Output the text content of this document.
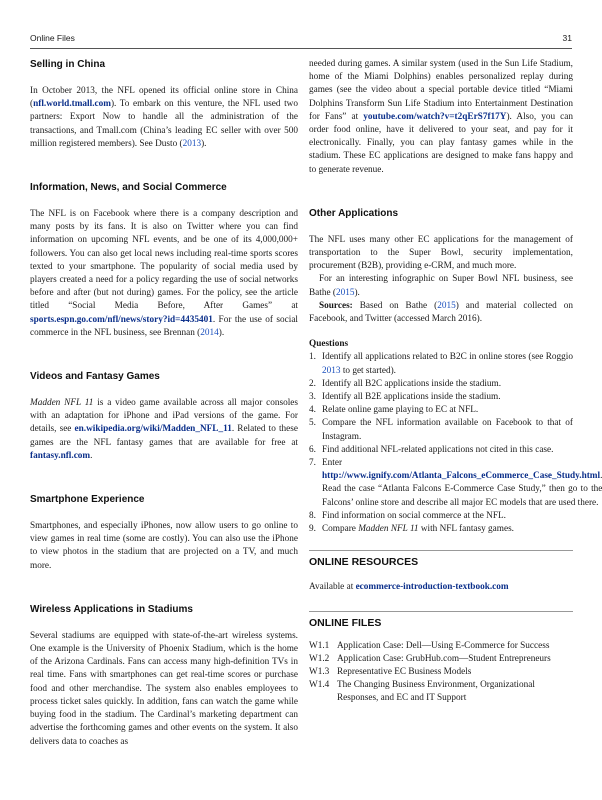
Online Files	31
Selling in China

In October 2013, the NFL opened its official online store in China (nfl.world.tmall.com). To embark on this venture, the NFL used two partners: Export Now to handle all the administration of the transactions, and Tmall.com (China’s leading EC seller with over 500 million registered members). See Dusto (2013).

Information, News, and Social Commerce

The NFL is on Facebook where there is a company description and many posts by its fans. It is also on Twitter where you can find information on upcoming NFL events, and be one of its 4,000,000+ followers. You can also get local news including real-time sports scores texted to your smartphone. The popularity of social media used by players created a need for a policy regarding the use of social networks before and after (but not during) games. For the policy, see the article titled “Social Media Before, After Games” at sports.espn.go.com/nfl/news/story?id=4435401. For the use of social commerce in the NFL business, see Brennan (2014).

Videos and Fantasy Games

Madden NFL 11 is a video game available across all major consoles with an adaptation for iPhone and iPad versions of the game. For details, see en.wikipedia.org/wiki/Madden_NFL_11. Related to these games are the NFL fantasy games that are available for free at fantasy.nfl.com.

Smartphone Experience

Smartphones, and especially iPhones, now allow users to go online to view games in real time (some are costly). You can also use the iPhone to view photos in the stadium that are projected on a TV, and much more.

Wireless Applications in Stadiums

Several stadiums are equipped with state-of-the-art wireless systems. One example is the University of Phoenix Stadium, which is the home of the Arizona Cardinals. Fans can access many high-definition TVs in real time. Fans with smartphones can get real-time scores or purchase food and other merchandise. The system also enables employees to process ticket sales quickly. In addition, fans can watch the game while buying food in the stadium. The Cardinal’s marketing department can advertise the forthcoming games and other events on the system. It also delivers data to coaches as

needed during games. A similar system (used in the Sun Life Stadium, home of the Miami Dolphins) enables personalized replay during games (see the video about a special portable device titled “Miami Dolphins Transform Sun Life Stadium into Entertainment Destination for Fans” at youtube.com/watch?v=t2qErS7f17Y). Also, you can order food online, have it delivered to your seat, and pay for it electronically. Finally, you can play fantasy games while in the stadium. These EC applications are designed to make fans happy and to generate revenue.

Other Applications

The NFL uses many other EC applications for the management of transportation to the Super Bowl, security implementation, procurement (B2B), providing e-CRM, and much more.

For an interesting infographic on Super Bowl NFL business, see Bathe (2015).

Sources: Based on Bathe (2015) and material collected on Facebook, and Twitter (accessed March 2016).

Questions

1. Identify all applications related to B2C in online stores (see Roggio 2013 to get started).
2. Identify all B2C applications inside the stadium.
3. Identify all B2E applications inside the stadium.
4. Relate online game playing to EC at NFL.
5. Compare the NFL information available on Facebook to that of Instagram.
6. Find additional NFL-related applications not cited in this case.
7. Enter http://www.ignify.com/Atlanta_Falcons_eCommerce_Case_Study.html Read the case “Atlanta Falcons E-Commerce Case Study,” then go to the Falcons’ online store and describe all major EC models that are used there.
8. Find information on social commerce at the NFL.
9. Compare Madden NFL 11 with NFL fantasy games.
ONLINE RESOURCES

Available at ecommerce-introduction-textbook.com

ONLINE FILES
W1.1 Application Case: Dell—Using E-Commerce for Success
W1.2 Application Case: GrubHub.com—Student Entrepreneurs
W1.3 Representative EC Business Models
W1.4 The Changing Business Environment, Organizational Responses, and EC and IT Support
